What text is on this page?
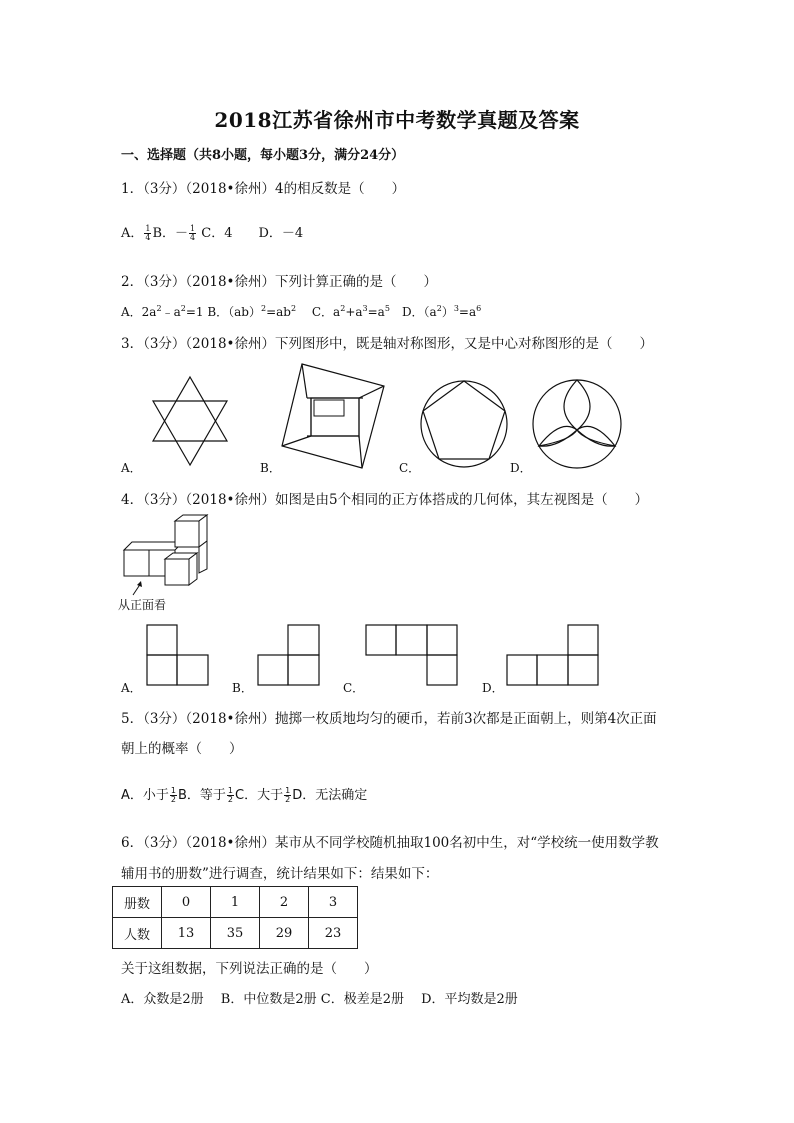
2018江苏省徐州市中考数学真题及答案
一、选择题（共8小题，每小题3分，满分24分）
1．（3分）（2018•徐州）4的相反数是（　　）
A． $\frac{1}{4}$ B．－ $\frac{1}{4}$ C．4　　D．－4
2．（3分）（2018•徐州）下列计算正确的是（　　）
A．$2a^2﹣a^2=1$ B．$(ab)^2=ab^2$　 C．$a^2+a^3=a^5$　D．$(a^2)^3=a^6$
3．（3分）（2018•徐州）下列图形中，既是轴对称图形，又是中心对称图形的是（　　）
A．	B．	C．	D．
4．（3分）（2018•徐州）如图是由5个相同的正方体搭成的几何体，其左视图是（　　）
从正面看
A．	B．	C．	D．
5．（3分）（2018•徐州）抛掷一枚质地均匀的硬币，若前3次都是正面朝上，则第4次正面
朝上的概率（　　）
A．小于 $\frac{1}{2}$ B．等于 $\frac{1}{2}$ C．大于 $\frac{1}{2}$ D．无法确定
6．（3分）（2018•徐州）某市从不同学校随机抽取100名初中生，对“学校统一使用数学教
辅用书的册数”进行调查，统计结果如下：结果如下：
册数	0	1	2	3
人数	13	35	29	23
关于这组数据，下列说法正确的是（　　）
A．众数是2册　 B．中位数是2册 C．极差是2册　 D．平均数是2册
